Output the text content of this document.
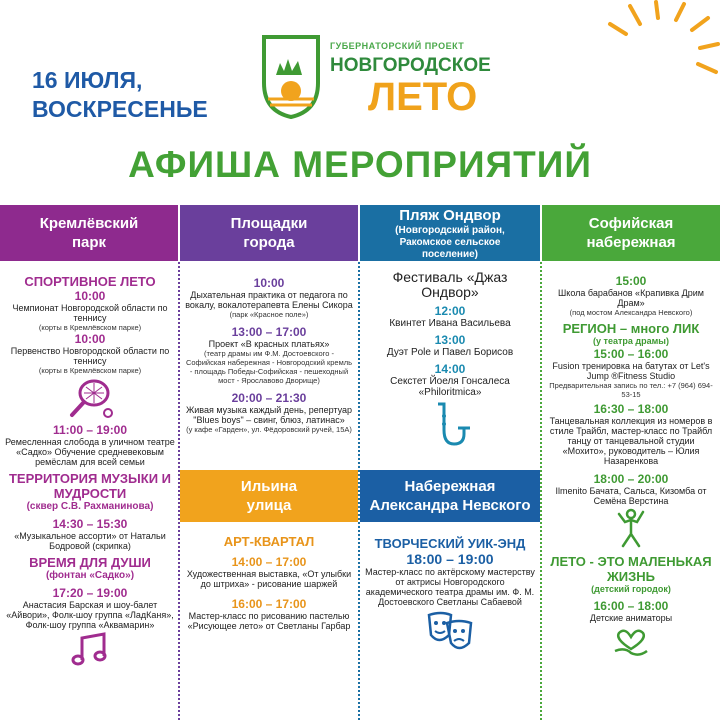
16 ИЮЛЯ,
ВОСКРЕСЕНЬЕ
ГУБЕРНАТОРСКИЙ ПРОЕКТ
НОВГОРОДСКОЕ
ЛЕТО
АФИША МЕРОПРИЯТИЙ
Кремлёвский парк
Площадки города
Пляж Ондвор
(Новгородский район, Ракомское сельское поселение)
Софийская набережная
СПОРТИВНОЕ ЛЕТО
10:00
Чемпионат Новгородской области по теннису
(корты в Кремлёвском парке)
10:00
Первенство Новгородской области по теннису
(корты в Кремлёвском парке)
11:00 – 19:00
Ремесленная слобода в уличном театре «Садко» Обучение средневековым ремёслам для всей семьи
ТЕРРИТОРИЯ МУЗЫКИ И МУДРОСТИ
(сквер С.В. Рахманинова)
14:30 – 15:30
«Музыкальное ассорти» от Натальи Бодровой (скрипка)
ВРЕМЯ ДЛЯ ДУШИ
(фонтан «Садко»)
17:20 – 19:00
Анастасия Барская и шоу-балет «Айвори», Фолк-шоу группа «ЛадКаня», Фолк-шоу группа «Аквамарин»
10:00
Дыхательная практика от педагога по вокалу, вокалотерапевта Елены Сикора
(парк «Красное поле»)
13:00 – 17:00
Проект «В красных платьях»
(театр драмы им Ф.М. Достоевского - Софийская набережная - Новгородский кремль - площадь Победы-Софийская - пешеходный мост - Ярославово Дворище)
20:00 – 21:30
Живая музыка каждый день, репертуар "Blues boys" – свинг, блюз, латинас»
(у кафе «Гарден», ул. Фёдоровский ручей, 15А)
Ильина улица
АРТ-КВАРТАЛ
14:00 – 17:00
Художественная выставка, «От улыбки до штриха» - рисование шаржей
16:00 – 17:00
Мастер-класс по рисованию пастелью «Рисующее лето» от Светланы Гарбар
Фестиваль «Джаз Ондвор»
12:00
Квинтет Ивана Васильева
13:00
Дуэт Pole и Павел Борисов
14:00
Секстет Йоеля Гонсалеса «Philoritmica»
Набережная Александра Невского
ТВОРЧЕСКИЙ УИК-ЭНД
18:00 – 19:00
Мастер-класс по актёрскому мастерству от актрисы Новгородского академического театра драмы им. Ф. М. Достоевского Светланы Сабаевой
15:00
Школа барабанов «Крапивка Дрим Драм»
(под мостом Александра Невского)
РЕГИОН – много ЛИК
(у театра драмы)
15:00 – 16:00
Fusion тренировка на батутах от Let's Jump ®Fitness Studio
Предварительная запись по тел.: +7 (964) 694-53-15
16:30 – 18:00
Танцевальная коллекция из номеров в стиле Трайбл, мастер-класс по Трайбл танцу от танцевальной студии «Мохито», руководитель – Юлия Назаренкова
18:00 – 20:00
Ilmenito Бачата, Сальса, Кизомба от Семёна Верстина
ЛЕТО - ЭТО МАЛЕНЬКАЯ ЖИЗНЬ
(детский городок)
16:00 – 18:00
Детские аниматоры
